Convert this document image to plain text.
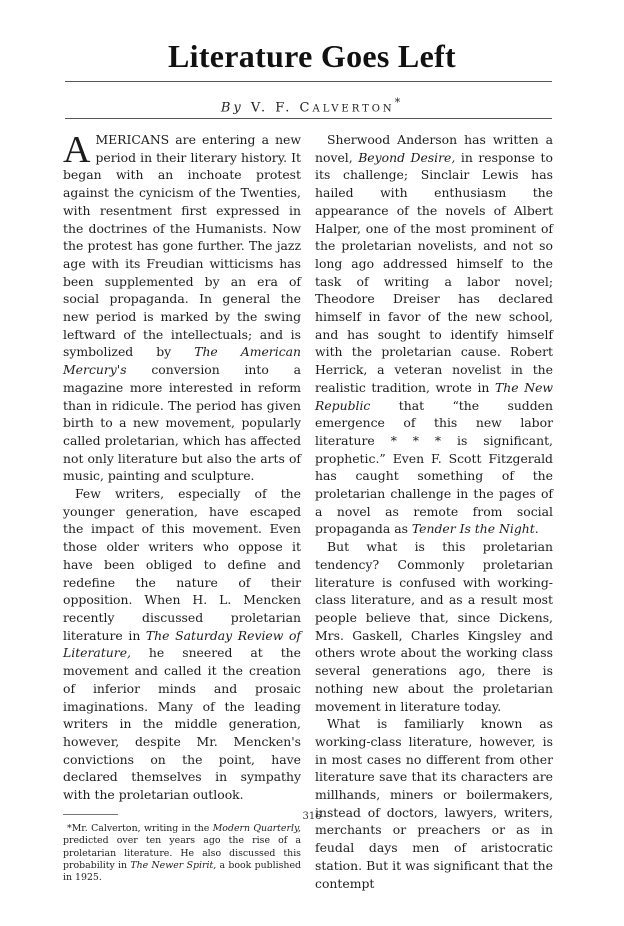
Literature Goes Left
By V. F. CALVERTON*

AMERICANS are entering a new period in their literary history. It began with an inchoate protest against the cynicism of the Twenties, with resentment first expressed in the doctrines of the Humanists. Now the protest has gone further. The jazz age with its Freudian witticisms has been supplemented by an era of social propaganda. In general the new period is marked by the swing leftward of the intellectuals; and is symbolized by The American Mercury's conversion into a magazine more interested in reform than in ridicule. The period has given birth to a new movement, popularly called proletarian, which has affected not only literature but also the arts of music, painting and sculpture.

Few writers, especially of the younger generation, have escaped the impact of this movement. Even those older writers who oppose it have been obliged to define and redefine the nature of their opposition. When H. L. Mencken recently discussed proletarian literature in The Saturday Review of Literature, he sneered at the movement and called it the creation of inferior minds and prosaic imaginations. Many of the leading writers in the middle generation, however, despite Mr. Mencken's convictions on the point, have declared themselves in sympathy with the proletarian outlook.

*Mr. Calverton, writing in the Modern Quarterly, predicted over ten years ago the rise of a proletarian literature. He also discussed this probability in The Newer Spirit, a book published in 1925.

Sherwood Anderson has written a novel, Beyond Desire, in response to its challenge; Sinclair Lewis has hailed with enthusiasm the appearance of the novels of Albert Halper, one of the most prominent of the proletarian novelists, and not so long ago addressed himself to the task of writing a labor novel; Theodore Dreiser has declared himself in favor of the new school, and has sought to identify himself with the proletarian cause. Robert Herrick, a veteran novelist in the realistic tradition, wrote in The New Republic that “the sudden emergence of this new labor literature * * * is significant, prophetic.” Even F. Scott Fitzgerald has caught something of the proletarian challenge in the pages of a novel as remote from social propaganda as Tender Is the Night.

But what is this proletarian tendency? Commonly proletarian literature is confused with working-class literature, and as a result most people believe that, since Dickens, Mrs. Gaskell, Charles Kingsley and others wrote about the working class several generations ago, there is nothing new about the proletarian movement in literature today.

What is familiarly known as working-class literature, however, is in most cases no different from other literature save that its characters are millhands, miners or boilermakers, instead of doctors, lawyers, writers, merchants or preachers or as in feudal days men of aristocratic station. But it was significant that the contempt

316
